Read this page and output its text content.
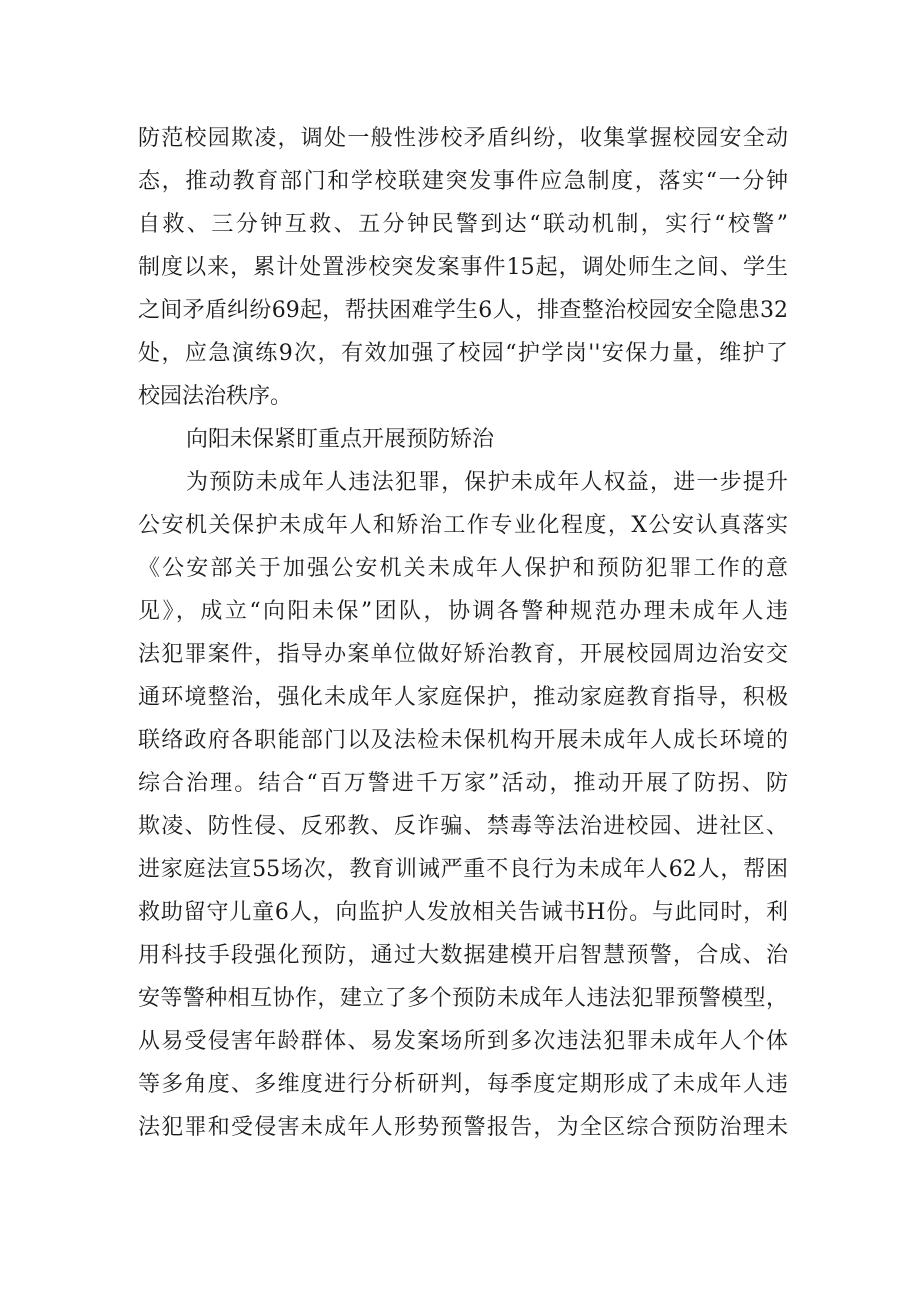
防范校园欺凌，调处一般性涉校矛盾纠纷，收集掌握校园安全动
态，推动教育部门和学校联建突发事件应急制度，落实“一分钟
自救、三分钟互救、五分钟民警到达“联动机制，实行“校警”
制度以来，累计处置涉校突发案事件15起，调处师生之间、学生
之间矛盾纠纷69起，帮扶困难学生6人，排查整治校园安全隐患32
处，应急演练9次，有效加强了校园“护学岗''安保力量，维护了
校园法治秩序。
向阳未保紧盯重点开展预防矫治
为预防未成年人违法犯罪，保护未成年人权益，进一步提升
公安机关保护未成年人和矫治工作专业化程度，X公安认真落实
《公安部关于加强公安机关未成年人保护和预防犯罪工作的意
见》，成立“向阳未保”团队，协调各警种规范办理未成年人违
法犯罪案件，指导办案单位做好矫治教育，开展校园周边治安交
通环境整治，强化未成年人家庭保护，推动家庭教育指导，积极
联络政府各职能部门以及法检未保机构开展未成年人成长环境的
综合治理。结合“百万警进千万家”活动，推动开展了防拐、防
欺凌、防性侵、反邪教、反诈骗、禁毒等法治进校园、进社区、
进家庭法宣55场次，教育训诫严重不良行为未成年人62人，帮困
救助留守儿童6人，向监护人发放相关告诫书H份。与此同时，利
用科技手段强化预防，通过大数据建模开启智慧预警，合成、治
安等警种相互协作，建立了多个预防未成年人违法犯罪预警模型，
从易受侵害年龄群体、易发案场所到多次违法犯罪未成年人个体
等多角度、多维度进行分析研判，每季度定期形成了未成年人违
法犯罪和受侵害未成年人形势预警报告，为全区综合预防治理未
